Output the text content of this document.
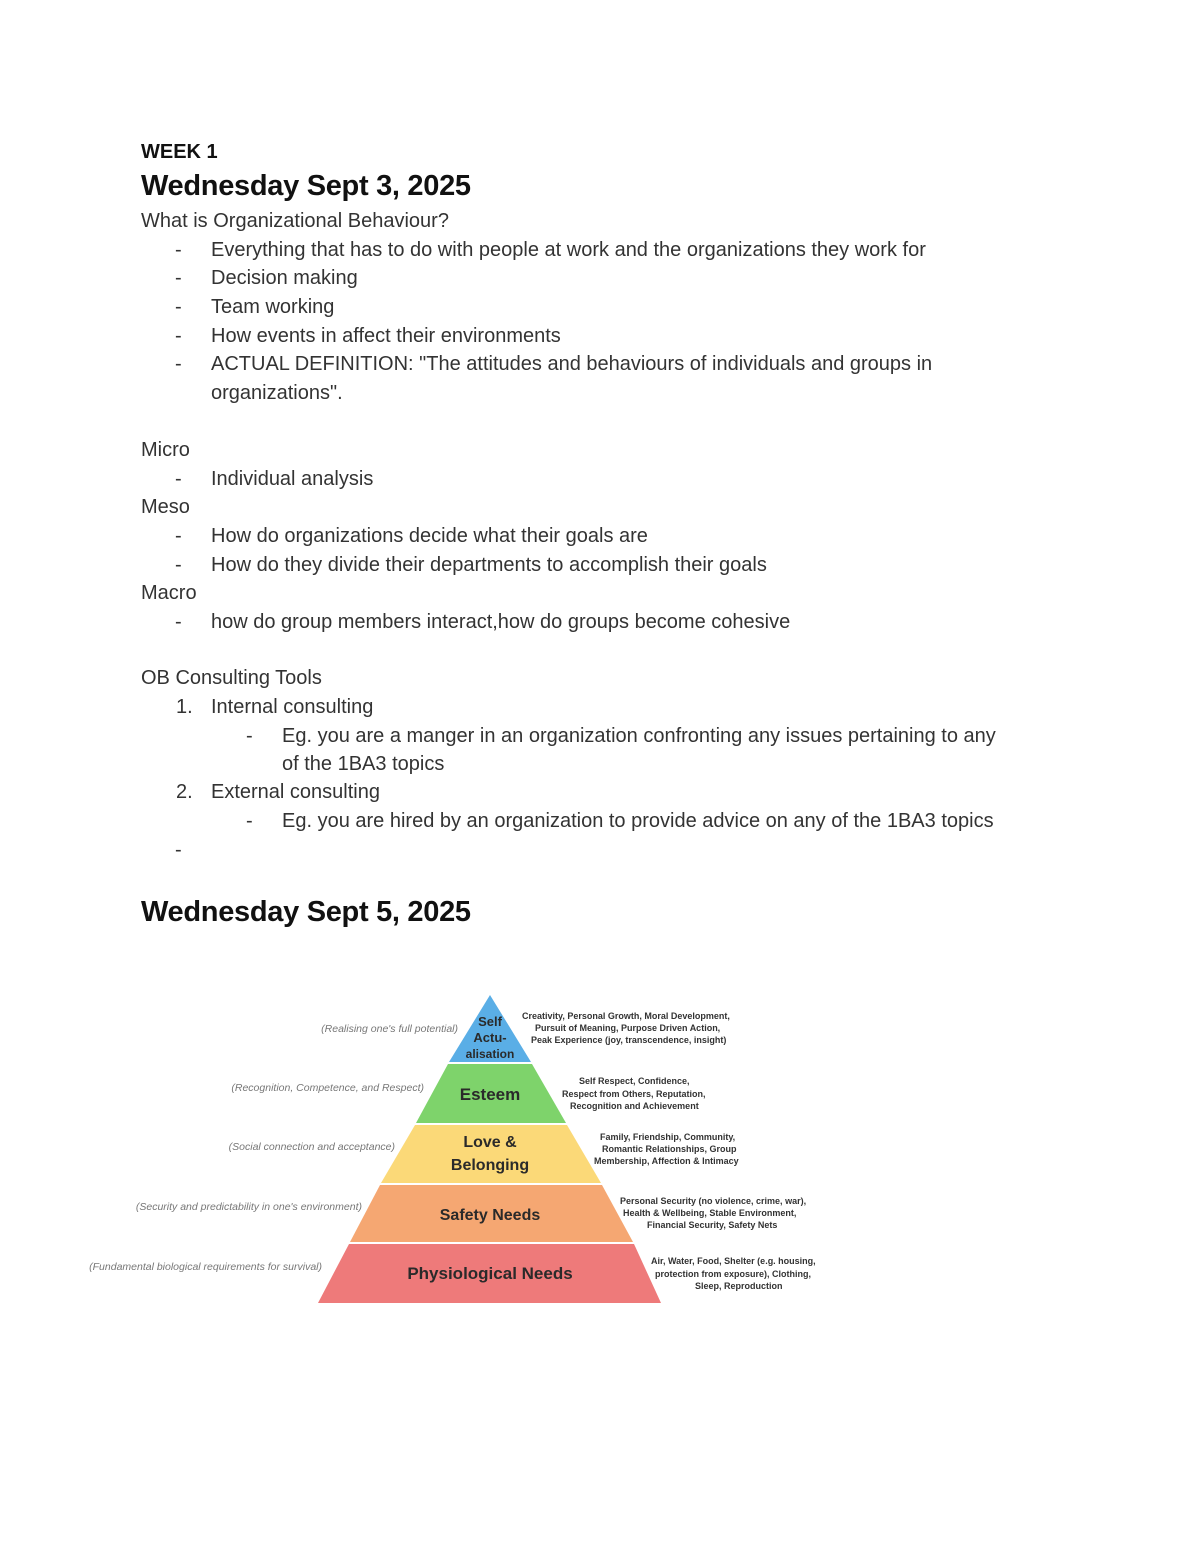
WEEK 1
Wednesday Sept 3, 2025
What is Organizational Behaviour?
- Everything that has to do with people at work and the organizations they work for
- Decision making
- Team working
- How events in affect their environments
- ACTUAL DEFINITION: "The attitudes and behaviours of individuals and groups in
organizations".
Micro
- Individual analysis
Meso
- How do organizations decide what their goals are
- How do they divide their departments to accomplish their goals
Macro
- how do group members interact,how do groups become cohesive
OB Consulting Tools
1. Internal consulting
- Eg. you are a manger in an organization confronting any issues pertaining to any
of the 1BA3 topics
2. External consulting
- Eg. you are hired by an organization to provide advice on any of the 1BA3 topics
-
Wednesday Sept 5, 2025
Self
Actu-
alisation
Esteem
Love &
Belonging
Safety Needs
Physiological Needs
(Realising one's full potential)
(Recognition, Competence, and Respect)
(Social connection and acceptance)
(Security and predictability in one's environment)
(Fundamental biological requirements for survival)
Creativity, Personal Growth, Moral Development,
Pursuit of Meaning, Purpose Driven Action,
Peak Experience (joy, transcendence, insight)
Self Respect, Confidence,
Respect from Others, Reputation,
Recognition and Achievement
Family, Friendship, Community,
Romantic Relationships, Group
Membership, Affection & Intimacy
Personal Security (no violence, crime, war),
Health & Wellbeing, Stable Environment,
Financial Security, Safety Nets
Air, Water, Food, Shelter (e.g. housing,
protection from exposure), Clothing,
Sleep, Reproduction
